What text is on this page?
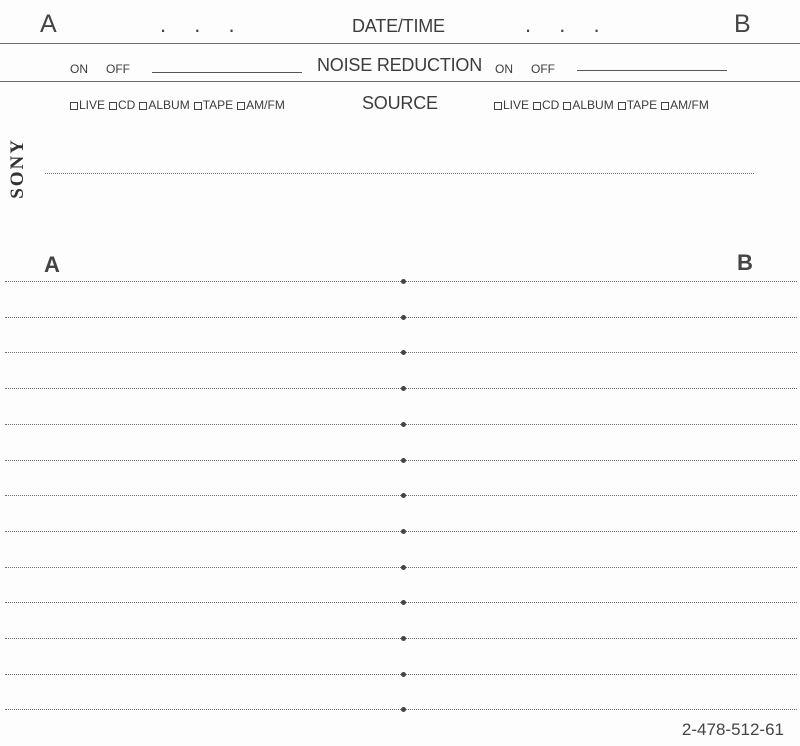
A	. . .	DATE/TIME	. . .	B
ON OFF	NOISE REDUCTION ON OFF
LIVE CD ALBUM TAPE AM/FM	SOURCE	LIVE CD ALBUM TAPE AM/FM
SONY
A	B
2-478-512-61
